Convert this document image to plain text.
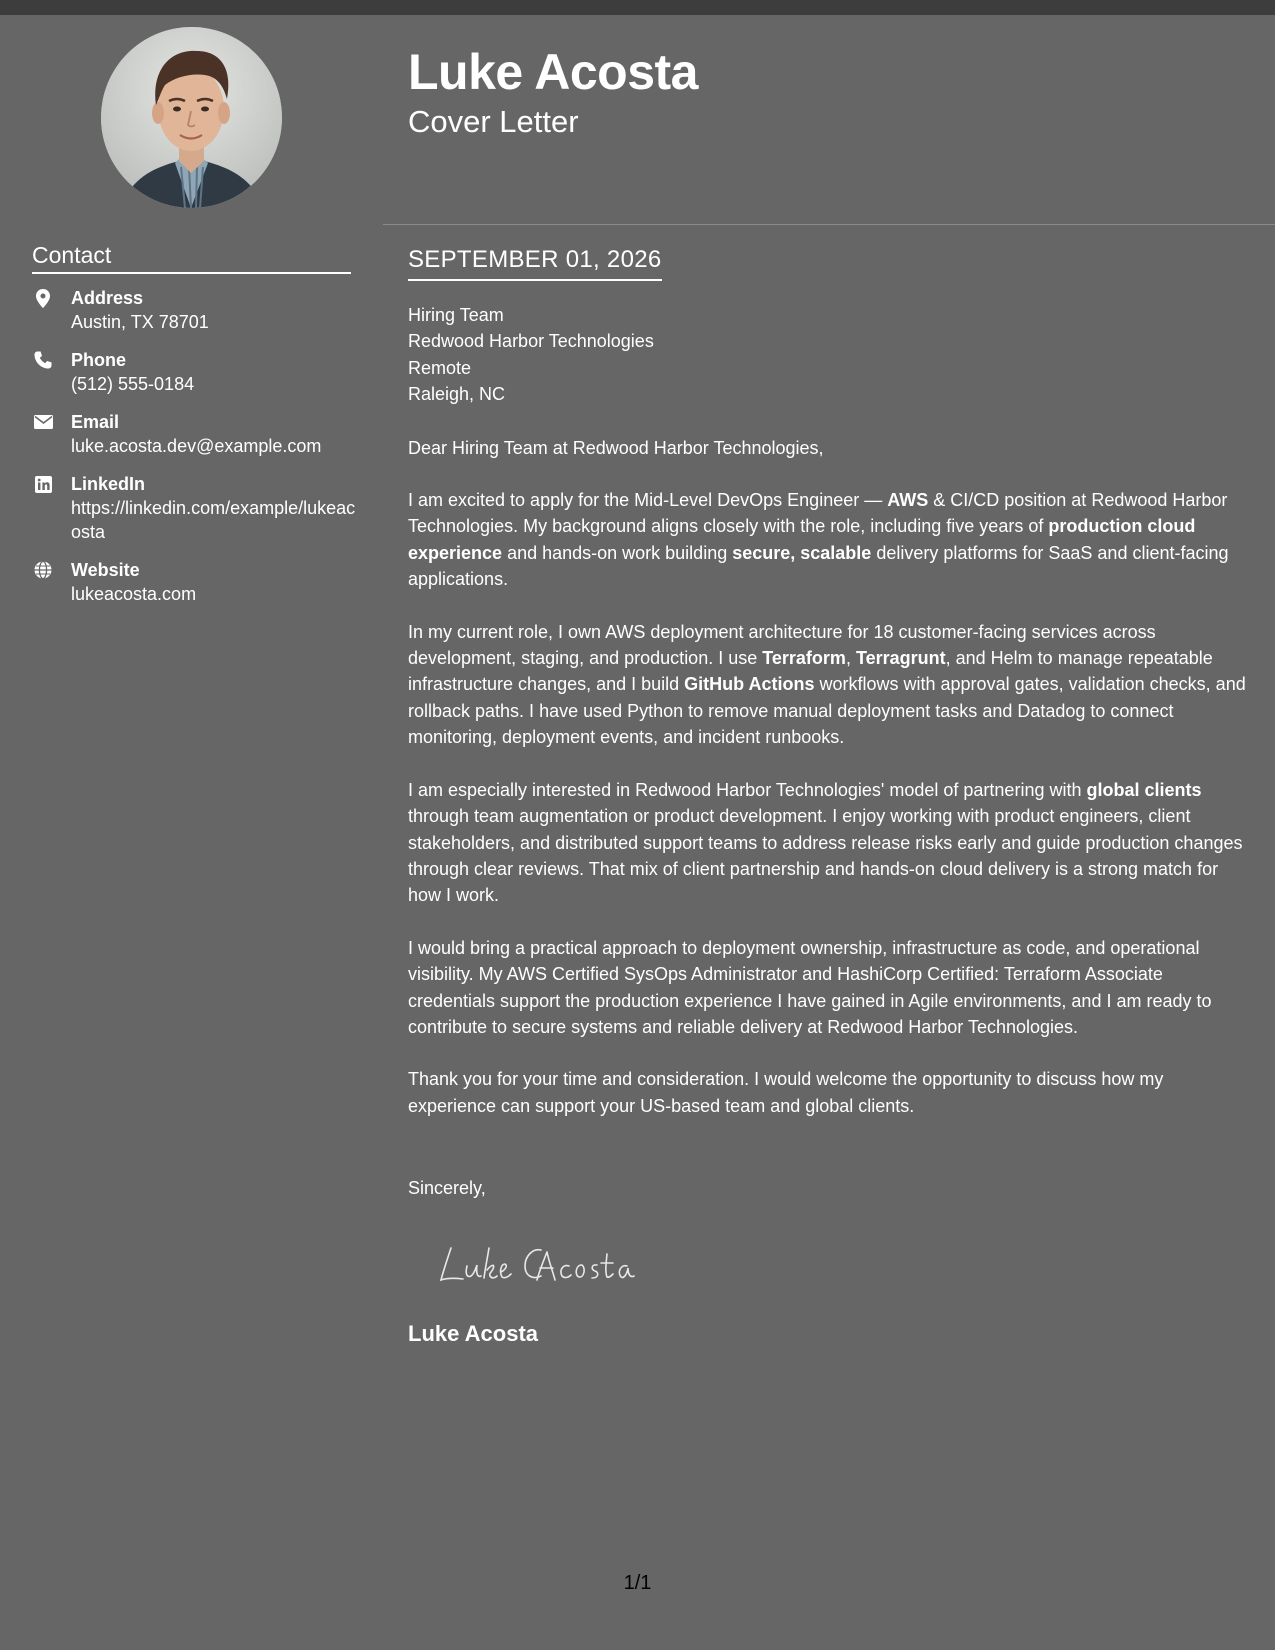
Contact
Address
Austin, TX 78701
Phone
(512) 555-0184
Email
luke.acosta.dev@example.com
LinkedIn
https://linkedin.com/example/lukeacosta
Website
lukeacosta.com
Luke Acosta
Cover Letter
SEPTEMBER 01, 2026
Hiring Team
Redwood Harbor Technologies
Remote
Raleigh, NC

Dear Hiring Team at Redwood Harbor Technologies,

I am excited to apply for the Mid-Level DevOps Engineer — AWS & CI/CD position at Redwood Harbor Technologies. My background aligns closely with the role, including five years of production cloud experience and hands-on work building secure, scalable delivery platforms for SaaS and client-facing applications.

In my current role, I own AWS deployment architecture for 18 customer-facing services across development, staging, and production. I use Terraform, Terragrunt, and Helm to manage repeatable infrastructure changes, and I build GitHub Actions workflows with approval gates, validation checks, and rollback paths. I have used Python to remove manual deployment tasks and Datadog to connect monitoring, deployment events, and incident runbooks.

I am especially interested in Redwood Harbor Technologies' model of partnering with global clients through team augmentation or product development. I enjoy working with product engineers, client stakeholders, and distributed support teams to address release risks early and guide production changes through clear reviews. That mix of client partnership and hands-on cloud delivery is a strong match for how I work.

I would bring a practical approach to deployment ownership, infrastructure as code, and operational visibility. My AWS Certified SysOps Administrator and HashiCorp Certified: Terraform Associate credentials support the production experience I have gained in Agile environments, and I am ready to contribute to secure systems and reliable delivery at Redwood Harbor Technologies.

Thank you for your time and consideration. I would welcome the opportunity to discuss how my experience can support your US-based team and global clients.

Sincerely,
Luke Acosta
1/1
